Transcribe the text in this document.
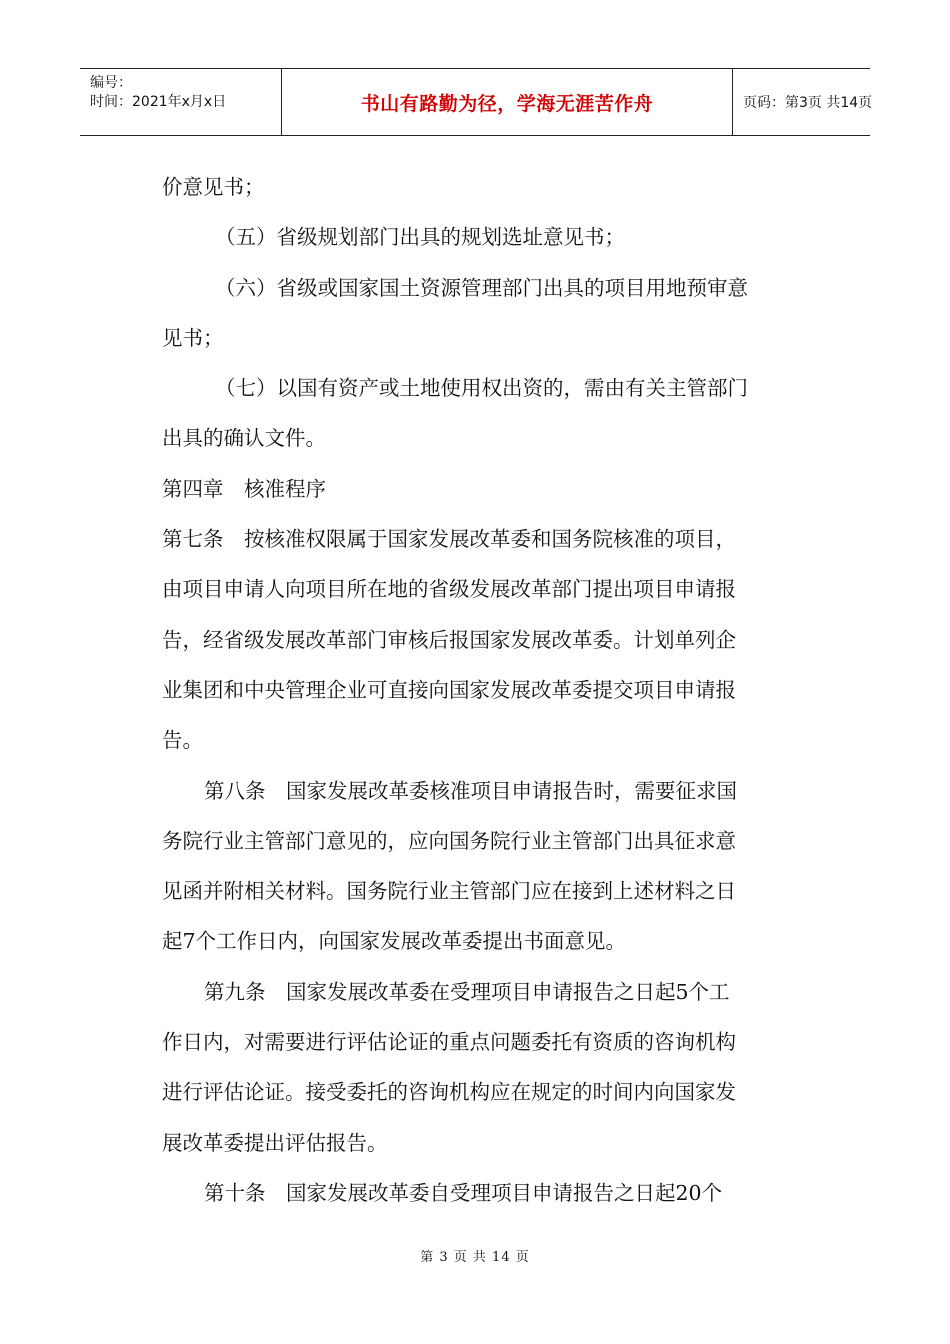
编号：
时间：2021年x月x日	书山有路勤为径，学海无涯苦作舟	页码：第3页 共14页
价意见书；
（五）省级规划部门出具的规划选址意见书；
（六）省级或国家国土资源管理部门出具的项目用地预审意
见书；
（七）以国有资产或土地使用权出资的，需由有关主管部门
出具的确认文件。
第四章　核准程序
第七条　按核准权限属于国家发展改革委和国务院核准的项目，
由项目申请人向项目所在地的省级发展改革部门提出项目申请报
告，经省级发展改革部门审核后报国家发展改革委。计划单列企
业集团和中央管理企业可直接向国家发展改革委提交项目申请报
告。
第八条　国家发展改革委核准项目申请报告时，需要征求国
务院行业主管部门意见的，应向国务院行业主管部门出具征求意
见函并附相关材料。国务院行业主管部门应在接到上述材料之日
起7个工作日内，向国家发展改革委提出书面意见。
第九条　国家发展改革委在受理项目申请报告之日起5个工
作日内，对需要进行评估论证的重点问题委托有资质的咨询机构
进行评估论证。接受委托的咨询机构应在规定的时间内向国家发
展改革委提出评估报告。
第十条　国家发展改革委自受理项目申请报告之日起20个
第 3 页 共 14 页
